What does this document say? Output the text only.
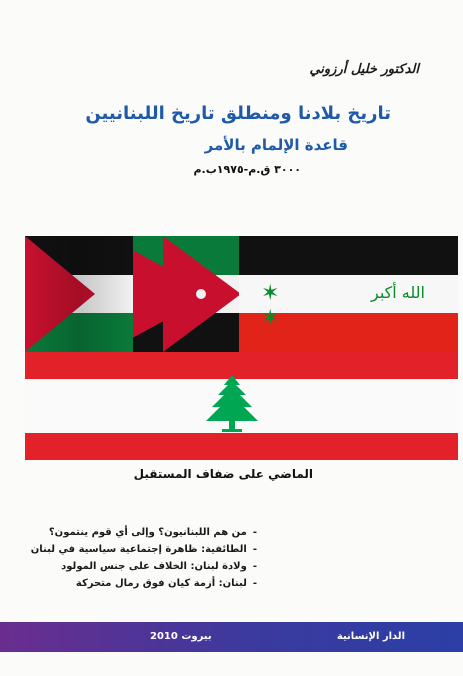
الدكتور خليل أرزوني
تاريخ بلادنا ومنطلق تاريخ اللبنانيين
قاعدة الإلمام بالأمر
٣٠٠٠ ق.م-١٩٧٥ب.م
✶ ✶
الله أكبر
الماضي على ضفاف المستقبل
-من هم اللبنانيون؟ وإلى أي قوم ينتمون؟
-الطائفية: ظاهرة إجتماعية سياسية في لبنان
-ولادة لبنان: الخلاف على جنس المولود
-لبنان: أزمة كيان فوق رمال متحركة
بيروت 2010	الدار الإنسانية
